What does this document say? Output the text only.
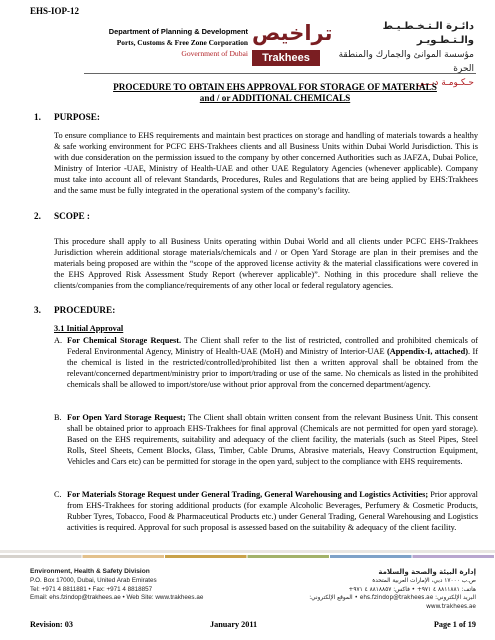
EHS-IOP-12
Department of Planning & Development
Ports, Customs & Free Zone Corporation
Government of Dubai
تراخيص
Trakhees
دائـرة الـتـخـطـيـط والـتـطـويـر
مؤسسة الموانئ والجمارك والمنطقة الحرة
حـكـومـة دبـــي
PROCEDURE TO OBTAIN EHS APPROVAL FOR STORAGE OF MATERIALS
and / or ADDITIONAL CHEMICALS
1. PURPOSE:
To ensure compliance to EHS requirements and maintain best practices on storage and handling of materials towards a healthy & safe working environment for PCFC EHS-Trakhees clients and all Business Units within Dubai World Jurisdiction. This is with due consideration on the permission issued to the company by other concerned Authorities such as JAFZA, Dubai Police, Ministry of Interior -UAE, Ministry of Health-UAE and other UAE Regulatory Agencies (whenever applicable). Company must take into account all of relevant Standards, Procedures, Rules and Regulations that are being applied by EHS:Trakhees and the same must be fully integrated in the operational system of the company’s facility.
2. SCOPE :
This procedure shall apply to all Business Units operating within Dubai World and all clients under PCFC EHS-Trakhees Jurisdiction wherein additional storage materials/chemicals and / or Open Yard Storage are plan in their premises and the materials being proposed are within the “scope of the approved license activity & the material classifications were covered in the EHS Approved Risk Assessment Study Report (wherever applicable)”. Nothing in this procedure shall relieve the clients/companies from the compliance/requirements of any other local or federal regulatory agencies.
3. PROCEDURE:
3.1 Initial Approval
A. For Chemical Storage Request. The Client shall refer to the list of restricted, controlled and prohibited chemicals of Federal Environmental Agency, Ministry of Health-UAE (MoH) and Ministry of Interior-UAE (Appendix-I, attached). If the chemical is listed in the restricted/controlled/prohibited list then a written approval shall be obtained from the relevant/concerned department/ministry prior to import/trading or use of the same. No chemicals as listed in the prohibited chemicals shall be allowed to import/store/use without prior approval from the concerned department/agency.
B. For Open Yard Storage Request; The Client shall obtain written consent from the relevant Business Unit. This consent shall be obtained prior to approach EHS-Trakhees for final approval (Chemicals are not permitted for open yard storage). Based on the EHS requirements, suitability and adequacy of the client facility, the materials (such as Steel Pipes, Steel Rolls, Steel Sheets, Cement Blocks, Glass, Timber, Cable Drums, Abrasive materials, Heavy Construction Equipment, Vehicles and Cars etc) can be permitted for storage in the open yard, subject to the compliance with EHS requirements.
C. For Materials Storage Request under General Trading, General Warehousing and Logistics Activities; Prior approval from EHS-Trakhees for storing additional products (for example Alcoholic Beverages, Perfumery & Cosmetic Products, Rubber Tyres, Tobacco, Food & Pharmaceutical Products etc.) under General Trading, General Warehousing and Logistics activities is required. Approval for such proposal is assessed based on the suitability & adequacy of the client facility.
Environment, Health & Safety Division
P.O. Box 17000, Dubai, United Arab Emirates
Tel: +971 4 8811881 • Fax: +971 4 8818857
Email: ehs.fzindop@trakhees.ae • Web Site: www.trakhees.ae
إدارة البيئة والصحة والسلامة
ص.ب ١٧٠٠٠ دبي، الإمارات العربية المتحدة
هاتف: ٨٨١١٨٨١ ٤ ٩٧١+ • فاكس: ٨٨١٨٨٥٧ ٤ ٩٧١+
البريد الإلكتروني: ehs.fzindop@trakhees.ae • الموقع الإلكتروني: www.trakhees.ae
Revision: 03	January 2011	Page 1 of 19
